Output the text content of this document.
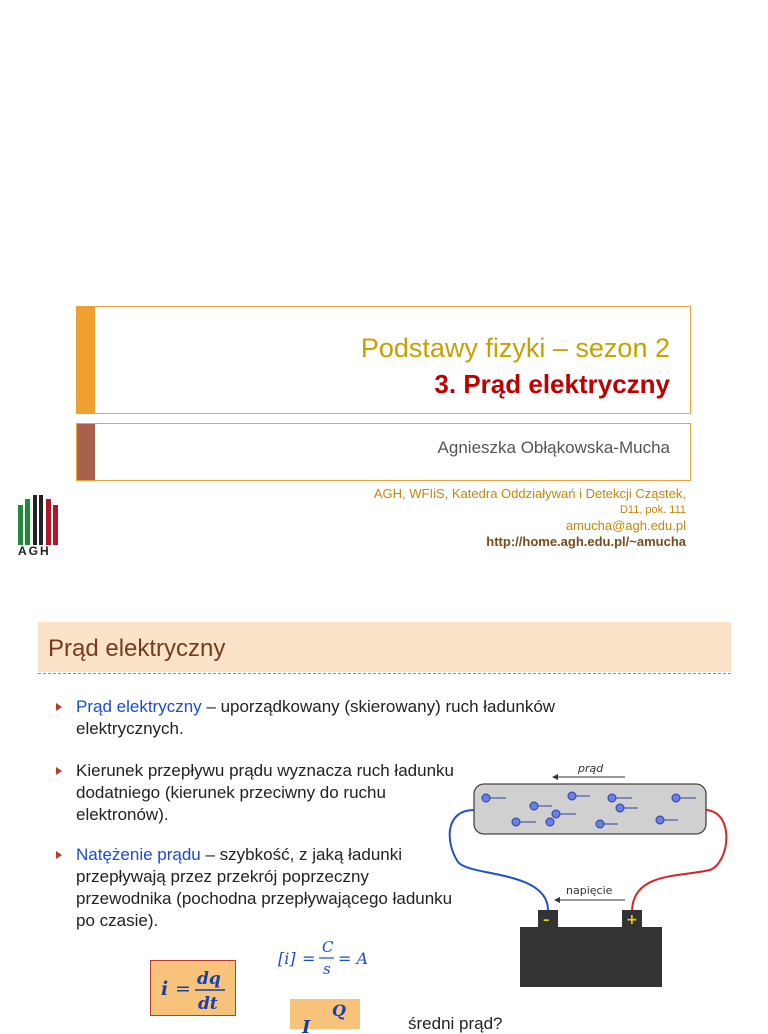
Podstawy fizyki – sezon 2
3. Prąd elektryczny
Agnieszka Obłąkowska-Mucha
AGH
AGH, WFIiS, Katedra Oddziaływań i Detekcji Cząstek,
D11, pok. 111
amucha@agh.edu.pl
http://home.agh.edu.pl/~amucha
Prąd elektryczny
Prąd elektryczny – uporządkowany (skierowany) ruch ładunków elektrycznych.
Kierunek przepływu prądu wyznacza ruch ładunku dodatniego (kierunek przeciwny do ruchu elektronów).
Natężenie prądu – szybkość, z jaką ładunki przepływają przez przekrój poprzeczny przewodnika (pochodna przepływającego ładunku po czasie).
i = dq
dt
[i] =
C
s
= A
I
Q
średni prąd?
prąd
napięcie
–	+
